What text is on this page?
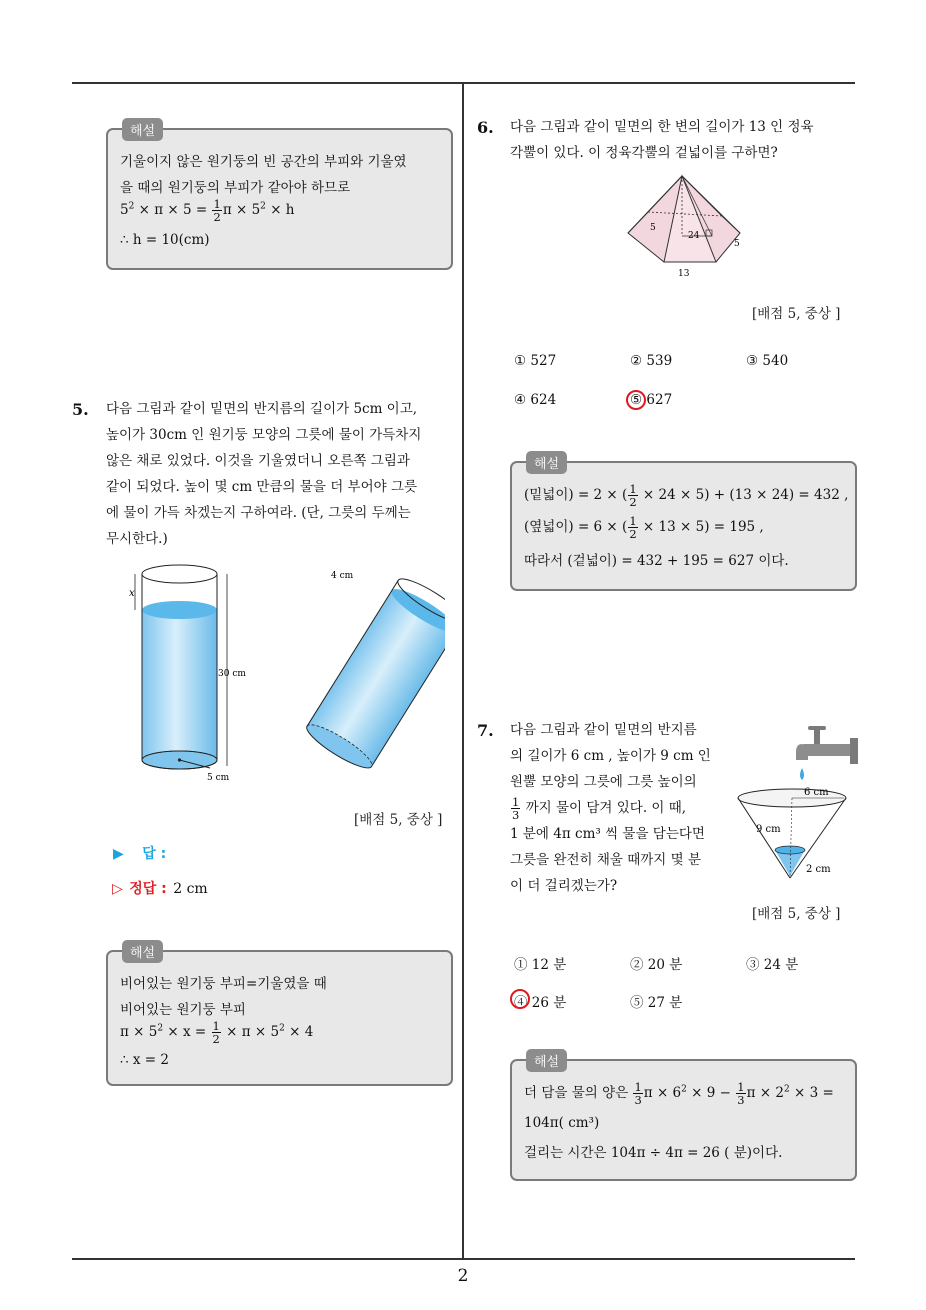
2
해설
기울이지 않은 원기둥의 빈 공간의 부피와 기울였
을 때의 원기둥의 부피가 같아야 하므로
$5^2 \times \pi \times 5 = \frac{1}{2}$ $\pi \times 5^2 \times h$
∴ h = 10(cm)
5. 다음 그림과 같이 밑면의 반지름의 길이가 5cm 이고,
높이가 30cm 인 원기둥 모양의 그릇에 물이 가득차지
않은 채로 있었다. 이것을 기울였더니 오른쪽 그림과
같이 되었다. 높이 몇 cm 만큼의 물을 더 부어야 그릇
에 물이 가득 차겠는지 구하여라. (단, 그릇의 두께는
무시한다.)
x
30 cm
5 cm
4 cm
[배점 5, 중상 ]
▶ 답 :
▷ 정답 : 2 cm
해설
비어있는 원기둥 부피=기울였을 때
비어있는 원기둥 부피
$\pi \times 5^2 \times x = \frac{1}{2} \times \pi \times 5^2 \times 4$
∴ x = 2
6. 다음 그림과 같이 밑면의 한 변의 길이가 13 인 정육
각뿔이 있다. 이 정육각뿔의 겉넓이를 구하면?
5
24
5
13
[배점 5, 중상 ]
① 527	② 539	③ 540
④ 624	⑤ 627
해설
(밑넓이) = 2 × ( $\frac{1}{2} \times 24 \times 5) + (13 \times 24) = 432$ ,
(옆넓이) = 6 × ( $\frac{1}{2} \times 13 \times 5) = 195$ ,
따라서 (겉넓이) = 432 + 195 = 627 이다.
7. 다음 그림과 같이 밑면의 반지름
의 길이가 6 cm , 높이가 9 cm 인
원뿔 모양의 그릇에 그릇 높이의
$\frac{1}{3}$ 까지 물이 담겨 있다. 이 때,
1 분에 4π cm³ 씩 물을 담는다면
그릇을 완전히 채울 때까지 몇 분
이 더 걸리겠는가?
6 cm
9 cm
2 cm
[배점 5, 중상 ]
① 12 분	② 20 분	③ 24 분
④ 26 분	⑤ 27 분
해설
더 담을 물의 양은 $\frac{1}{3}$ $\pi \times 6^2 \times 9 - \frac{1}{3}$ $\pi \times 2^2 \times 3$ =
104π( cm³)
걸리는 시간은 104π ÷ 4π = 26 ( 분)이다.
